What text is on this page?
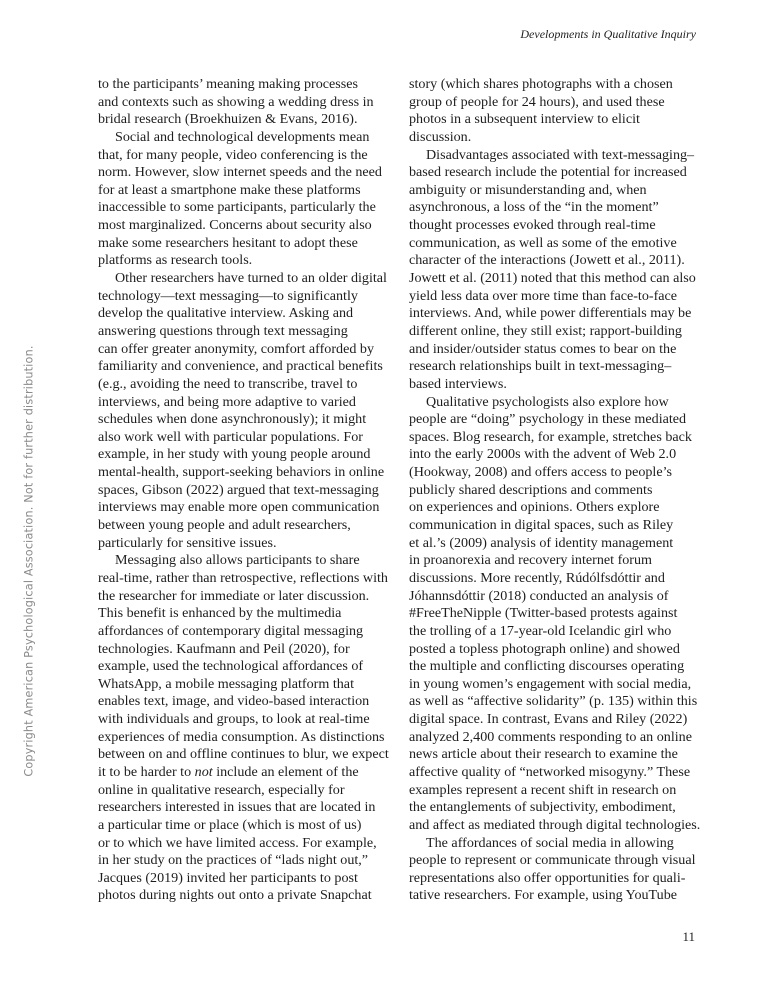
Developments in Qualitative Inquiry
Copyright American Psychological Association. Not for further distribution.
to the participants’ meaning making processes
and contexts such as showing a wedding dress in
bridal research (Broekhuizen & Evans, 2016).
Social and technological developments mean
that, for many people, video conferencing is the
norm. However, slow internet speeds and the need
for at least a smartphone make these platforms
inaccessible to some participants, particularly the
most marginalized. Concerns about security also
make some researchers hesitant to adopt these
platforms as research tools.
Other researchers have turned to an older digital
technology—text messaging—to significantly
develop the qualitative interview. Asking and
answering questions through text messaging
can offer greater anonymity, comfort afforded by
familiarity and convenience, and practical benefits
(e.g., avoiding the need to transcribe, travel to
interviews, and being more adaptive to varied
schedules when done asynchronously); it might
also work well with particular populations. For
example, in her study with young people around
mental-health, support-seeking behaviors in online
spaces, Gibson (2022) argued that text-messaging
interviews may enable more open communication
between young people and adult researchers,
particularly for sensitive issues.
Messaging also allows participants to share
real-time, rather than retrospective, reflections with
the researcher for immediate or later discussion.
This benefit is enhanced by the multimedia
affordances of contemporary digital messaging
technologies. Kaufmann and Peil (2020), for
example, used the technological affordances of
WhatsApp, a mobile messaging platform that
enables text, image, and video-based interaction
with individuals and groups, to look at real-time
experiences of media consumption. As distinctions
between on and offline continues to blur, we expect
it to be harder to not include an element of the
online in qualitative research, especially for
researchers interested in issues that are located in
a particular time or place (which is most of us)
or to which we have limited access. For example,
in her study on the practices of “lads night out,”
Jacques (2019) invited her participants to post
photos during nights out onto a private Snapchat
story (which shares photographs with a chosen
group of people for 24 hours), and used these
photos in a subsequent interview to elicit
discussion.
Disadvantages associated with text-messaging–
based research include the potential for increased
ambiguity or misunderstanding and, when
asynchronous, a loss of the “in the moment”
thought processes evoked through real-time
communication, as well as some of the emotive
character of the interactions (Jowett et al., 2011).
Jowett et al. (2011) noted that this method can also
yield less data over more time than face-to-face
interviews. And, while power differentials may be
different online, they still exist; rapport-building
and insider/outsider status comes to bear on the
research relationships built in text-messaging–
based interviews.
Qualitative psychologists also explore how
people are “doing” psychology in these mediated
spaces. Blog research, for example, stretches back
into the early 2000s with the advent of Web 2.0
(Hookway, 2008) and offers access to people’s
publicly shared descriptions and comments
on experiences and opinions. Others explore
communication in digital spaces, such as Riley
et al.’s (2009) analysis of identity management
in proanorexia and recovery internet forum
discussions. More recently, Rúdólfsdóttir and
Jóhannsdóttir (2018) conducted an analysis of
#FreeTheNipple (Twitter-based protests against
the trolling of a 17-year-old Icelandic girl who
posted a topless photograph online) and showed
the multiple and conflicting discourses operating
in young women’s engagement with social media,
as well as “affective solidarity” (p. 135) within this
digital space. In contrast, Evans and Riley (2022)
analyzed 2,400 comments responding to an online
news article about their research to examine the
affective quality of “networked misogyny.” These
examples represent a recent shift in research on
the entanglements of subjectivity, embodiment,
and affect as mediated through digital technologies.
The affordances of social media in allowing
people to represent or communicate through visual
representations also offer opportunities for quali-
tative researchers. For example, using YouTube
11
